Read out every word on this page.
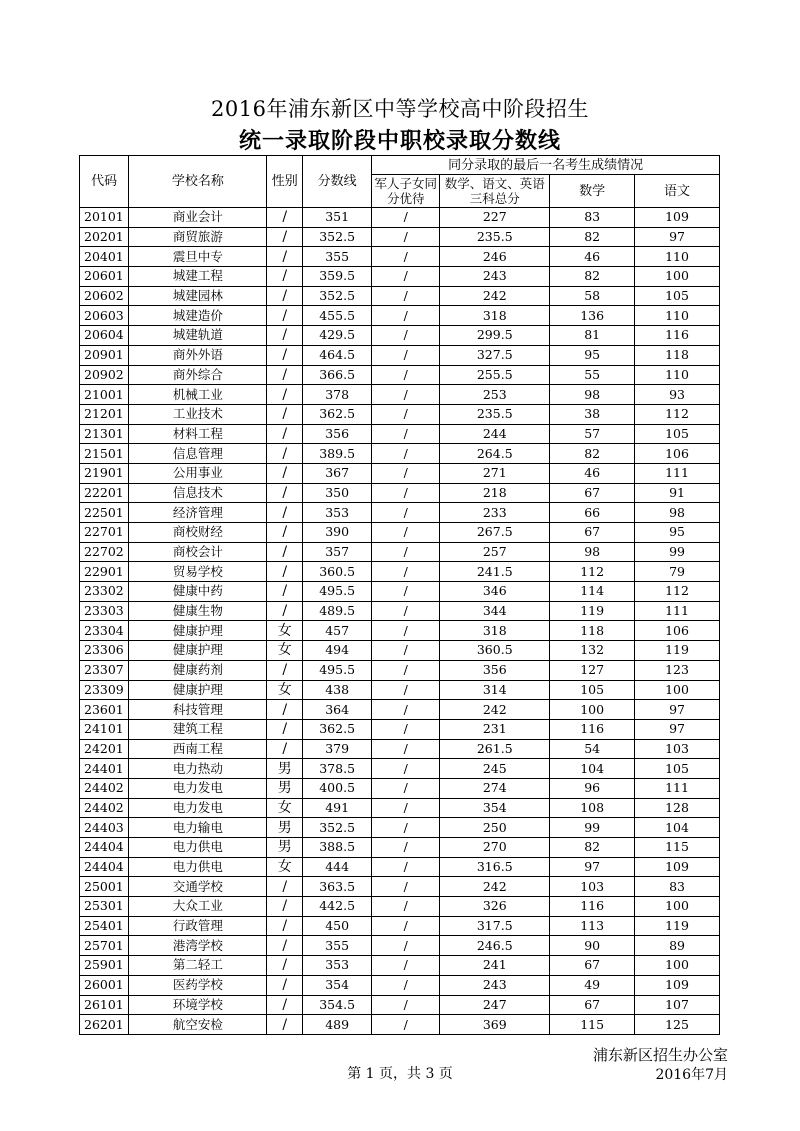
2016年浦东新区中等学校高中阶段招生
统一录取阶段中职校录取分数线
代码	学校名称	性别	分数线	同分录取的最后一名考生成绩情况			
				军人子女同分优待	数学、语文、英语三科总分	数学	语文
20101	商业会计	/	351	/	227	83	109
20201	商贸旅游	/	352.5	/	235.5	82	97
20401	震旦中专	/	355	/	246	46	110
20601	城建工程	/	359.5	/	243	82	100
20602	城建园林	/	352.5	/	242	58	105
20603	城建造价	/	455.5	/	318	136	110
20604	城建轨道	/	429.5	/	299.5	81	116
20901	商外外语	/	464.5	/	327.5	95	118
20902	商外综合	/	366.5	/	255.5	55	110
21001	机械工业	/	378	/	253	98	93
21201	工业技术	/	362.5	/	235.5	38	112
21301	材料工程	/	356	/	244	57	105
21501	信息管理	/	389.5	/	264.5	82	106
21901	公用事业	/	367	/	271	46	111
22201	信息技术	/	350	/	218	67	91
22501	经济管理	/	353	/	233	66	98
22701	商校财经	/	390	/	267.5	67	95
22702	商校会计	/	357	/	257	98	99
22901	贸易学校	/	360.5	/	241.5	112	79
23302	健康中药	/	495.5	/	346	114	112
23303	健康生物	/	489.5	/	344	119	111
23304	健康护理	女	457	/	318	118	106
23306	健康护理	女	494	/	360.5	132	119
23307	健康药剂	/	495.5	/	356	127	123
23309	健康护理	女	438	/	314	105	100
23601	科技管理	/	364	/	242	100	97
24101	建筑工程	/	362.5	/	231	116	97
24201	西南工程	/	379	/	261.5	54	103
24401	电力热动	男	378.5	/	245	104	105
24402	电力发电	男	400.5	/	274	96	111
24402	电力发电	女	491	/	354	108	128
24403	电力输电	男	352.5	/	250	99	104
24404	电力供电	男	388.5	/	270	82	115
24404	电力供电	女	444	/	316.5	97	109
25001	交通学校	/	363.5	/	242	103	83
25301	大众工业	/	442.5	/	326	116	100
25401	行政管理	/	450	/	317.5	113	119
25701	港湾学校	/	355	/	246.5	90	89
25901	第二轻工	/	353	/	241	67	100
26001	医药学校	/	354	/	243	49	109
26101	环境学校	/	354.5	/	247	67	107
26201	航空安检	/	489	/	369	115	125
浦东新区招生办公室
第 1 页，共 3 页	2016年7月
